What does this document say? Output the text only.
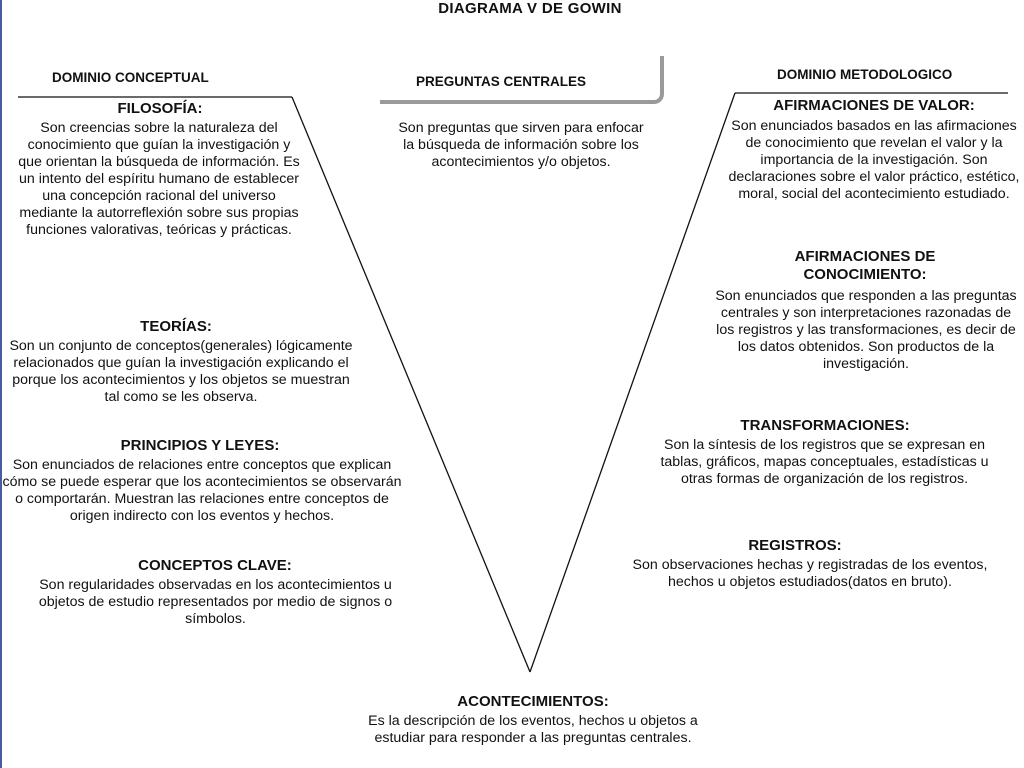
DIAGRAMA V DE GOWIN
DOMINIO CONCEPTUAL	DOMINIO METODOLOGICO
PREGUNTAS CENTRALES
Son preguntas que sirven para enfocar la búsqueda de información sobre los acontecimientos y/o objetos.
FILOSOFÍA:
Son creencias sobre la naturaleza del conocimiento que guían la investigación y que orientan la búsqueda de información. Es un intento del espíritu humano de establecer una concepción racional del universo mediante la autorreflexión sobre sus propias funciones valorativas, teóricas y prácticas.
TEORÍAS:
Son un conjunto de conceptos(generales) lógicamente relacionados que guían la investigación explicando el porque los acontecimientos y los objetos se muestran tal como se les observa.
PRINCIPIOS Y LEYES:
Son enunciados de relaciones entre conceptos que explican cómo se puede esperar que los acontecimientos se observarán o comportarán. Muestran las relaciones entre conceptos de origen indirecto con los eventos y hechos.
CONCEPTOS CLAVE:
Son regularidades observadas en los acontecimientos u objetos de estudio representados por medio de signos o símbolos.
AFIRMACIONES DE VALOR:
Son enunciados basados en las afirmaciones de conocimiento que revelan el valor y la importancia de la investigación. Son declaraciones sobre el valor práctico, estético, moral, social del acontecimiento estudiado.
AFIRMACIONES DE CONOCIMIENTO:
Son enunciados que responden a las preguntas centrales y son interpretaciones razonadas de los registros y las transformaciones, es decir de los datos obtenidos. Son productos de la investigación.
TRANSFORMACIONES:
Son la síntesis de los registros que se expresan en tablas, gráficos, mapas conceptuales, estadísticas u otras formas de organización de los registros.
REGISTROS:
Son observaciones hechas y registradas de los eventos, hechos u objetos estudiados(datos en bruto).
ACONTECIMIENTOS:
Es la descripción de los eventos, hechos u objetos a estudiar para responder a las preguntas centrales.
